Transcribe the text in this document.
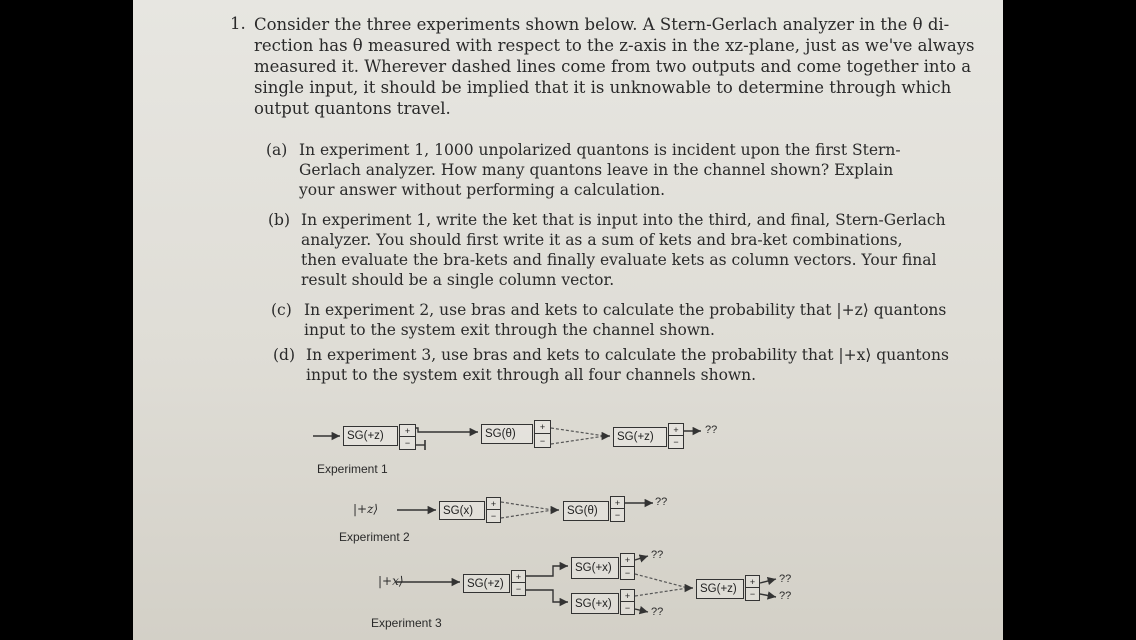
1. Consider the three experiments shown below. A Stern-Gerlach analyzer in the θ di-
rection has θ measured with respect to the z-axis in the xz-plane, just as we've always
measured it. Wherever dashed lines come from two outputs and come together into a
single input, it should be implied that it is unknowable to determine through which
output quantons travel.
(a) In experiment 1, 1000 unpolarized quantons is incident upon the first Stern-
Gerlach analyzer. How many quantons leave in the channel shown? Explain
your answer without performing a calculation.
(b) In experiment 1, write the ket that is input into the third, and final, Stern-Gerlach
analyzer. You should first write it as a sum of kets and bra-ket combinations,
then evaluate the bra-kets and finally evaluate kets as column vectors. Your final
result should be a single column vector.
(c) In experiment 2, use bras and kets to calculate the probability that |+z⟩ quantons
input to the system exit through the channel shown.
(d) In experiment 3, use bras and kets to calculate the probability that |+x⟩ quantons
input to the system exit through all four channels shown.
SG(+z)	+
−
SG(θ)
+
−	SG(+z)
+
−
??
Experiment 1
|+z⟩	SG(x)
+
−	SG(θ)
+
−
??
Experiment 2
|+x⟩	SG(+z)
+
−
SG(+x)
+
−
SG(+x)
+
−
SG(+z)
+
−
??
??
??
??
Experiment 3
